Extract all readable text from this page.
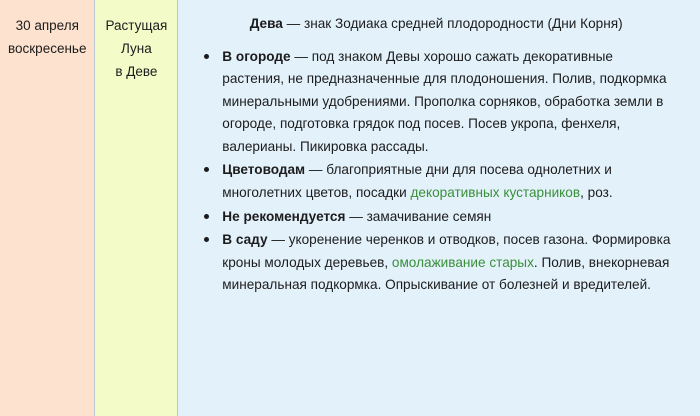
30 апреля
воскресенье
Растущая Луна
в Деве

Дева — знак Зодиака средней плодородности (Дни Корня)

В огороде — под знаком Девы хорошо сажать декоративные растения, не предназначенные для плодоношения. Полив, подкормка минеральными удобрениями. Прополка сорняков, обработка земли в огороде, подготовка грядок под посев. Посев укропа, фенхеля, валерианы. Пикировка рассады.
Цветоводам — благоприятные дни для посева однолетних и многолетних цветов, посадки декоративных кустарников, роз.
Не рекомендуется — замачивание семян
В саду — укоренение черенков и отводков, посев газона. Формировка кроны молодых деревьев, омолаживание старых. Полив, внекорневая минеральная подкормка. Опрыскивание от болезней и вредителей.
